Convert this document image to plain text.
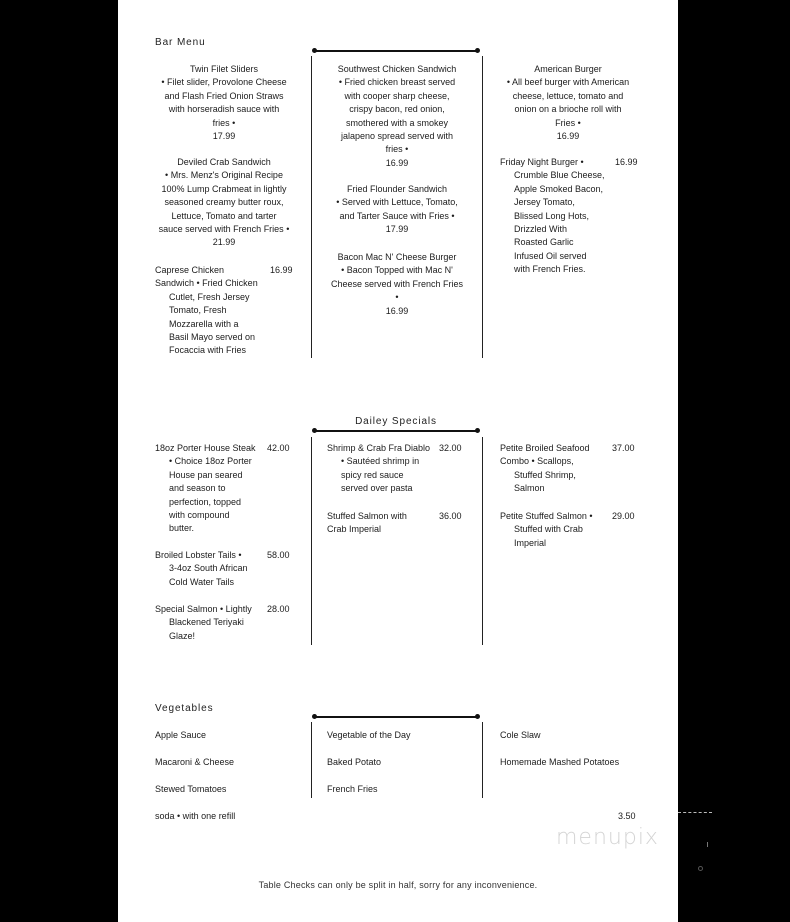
Bar Menu
Twin Filet Sliders
• Filet slider, Provolone Cheese
and Flash Fried Onion Straws
with horseradish sauce with
fries •
17.99
Deviled Crab Sandwich
• Mrs. Menz's Original Recipe
100% Lump Crabmeat in lightly
seasoned creamy butter roux,
Lettuce, Tomato and tarter
sauce served with French Fries •
21.99
Caprese Chicken
Sandwich • Fried Chicken
Cutlet, Fresh Jersey
Tomato, Fresh
Mozzarella with a
Basil Mayo served on
Focaccia with Fries
16.99
Southwest Chicken Sandwich
• Fried chicken breast served
with cooper sharp cheese,
crispy bacon, red onion,
smothered with a smokey
jalapeno spread served with
fries •
16.99
Fried Flounder Sandwich
• Served with Lettuce, Tomato,
and Tarter Sauce with Fries •
17.99
Bacon Mac N' Cheese Burger
• Bacon Topped with Mac N'
Cheese served with French Fries
•
16.99
American Burger
• All beef burger with American
cheese, lettuce, tomato and
onion on a brioche roll with
Fries •
16.99
Friday Night Burger •
Crumble Blue Cheese,
Apple Smoked Bacon,
Jersey Tomato,
Blissed Long Hots,
Drizzled With
Roasted Garlic
Infused Oil served
with French Fries.
16.99
Dailey Specials
18oz Porter House Steak
• Choice 18oz Porter
House pan seared
and season to
perfection, topped
with compound
butter.
42.00
Broiled Lobster Tails •
3-4oz South African
Cold Water Tails
58.00
Special Salmon • Lightly
Blackened Teriyaki
Glaze!
28.00
Shrimp & Crab Fra Diablo
• Sautéed shrimp in
spicy red sauce
served over pasta
32.00
Stuffed Salmon with
Crab Imperial
36.00
Petite Broiled Seafood
Combo • Scallops,
Stuffed Shrimp,
Salmon
37.00
Petite Stuffed Salmon •
Stuffed with Crab
Imperial
29.00
Vegetables
Apple Sauce
Macaroni & Cheese
Stewed Tomatoes
Vegetable of the Day
Baked Potato
French Fries
Cole Slaw
Homemade Mashed Potatoes
soda • with one refill	3.50
menupix
Table Checks can only be split in half, sorry for any inconvenience.
